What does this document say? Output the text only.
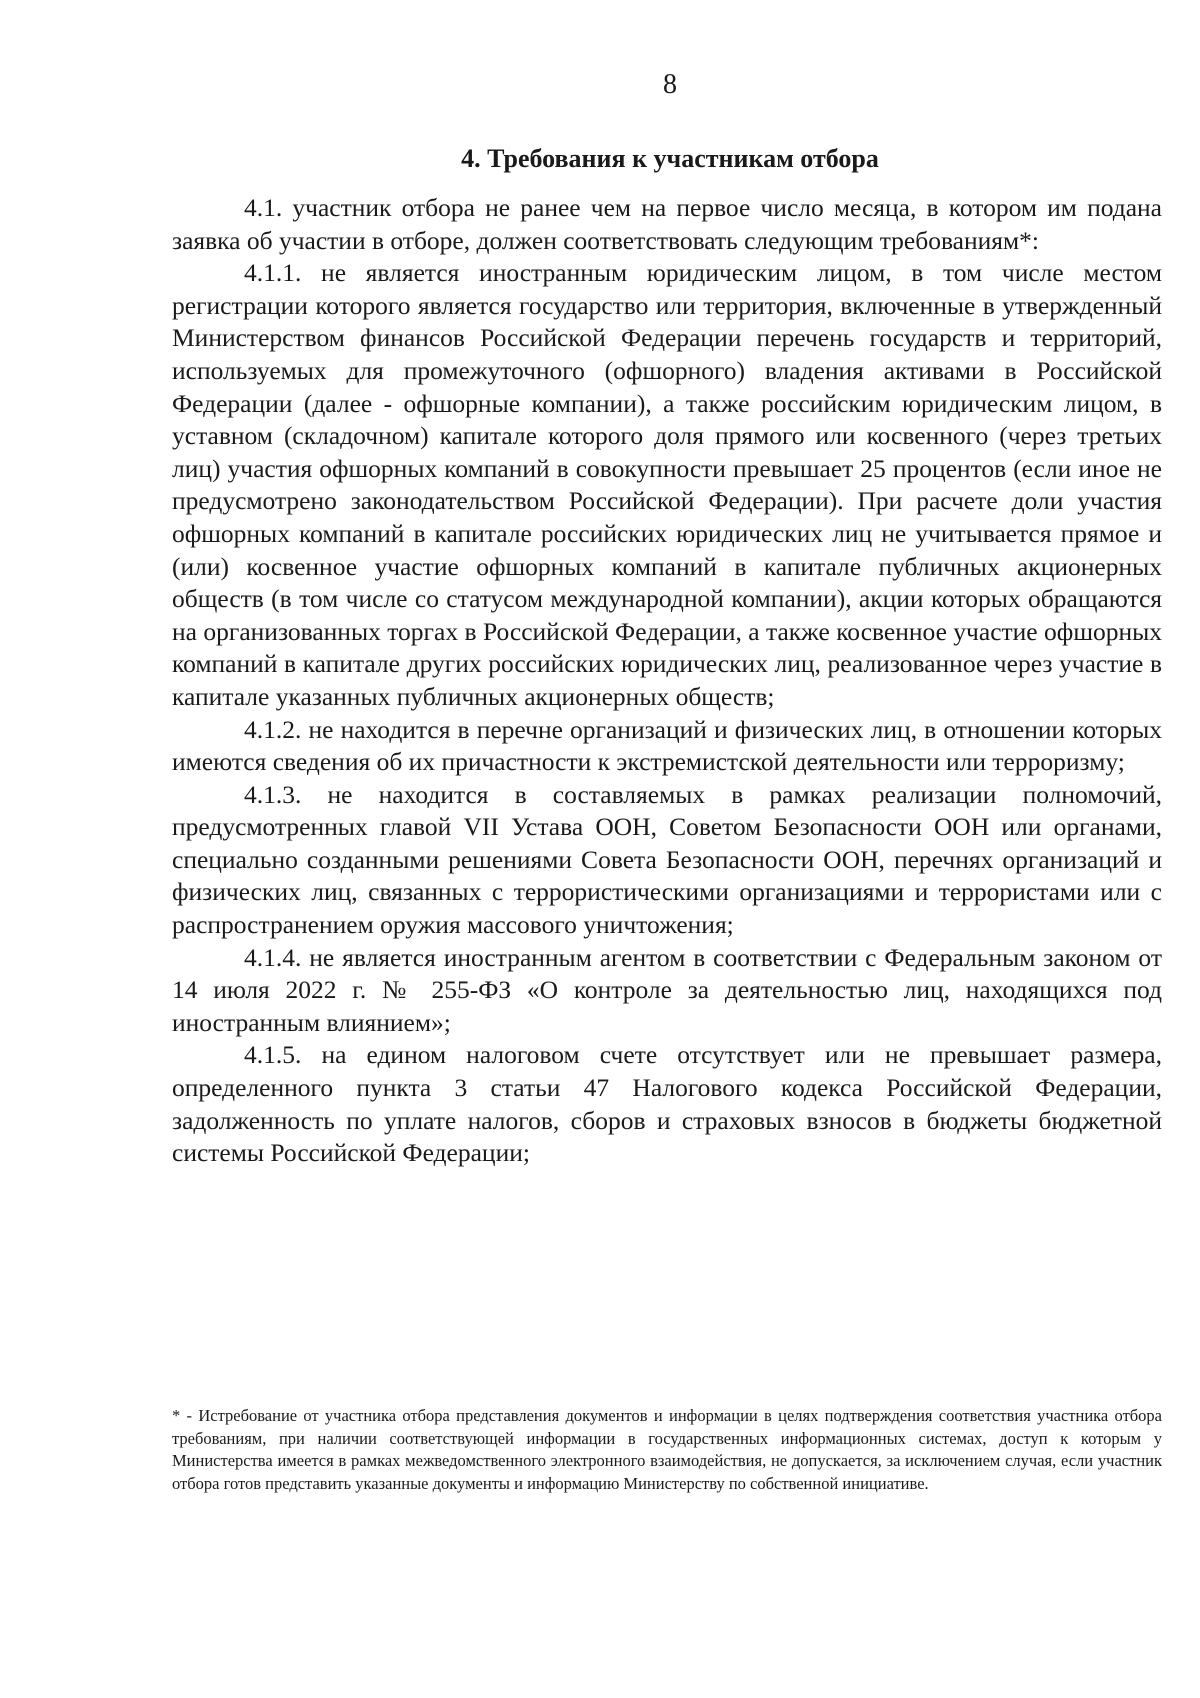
8
4. Требования к участникам отбора

4.1. участник отбора не ранее чем на первое число месяца, в котором им подана заявка об участии в отборе, должен соответствовать следующим требованиям*:

4.1.1. не является иностранным юридическим лицом, в том числе местом регистрации которого является государство или территория, включенные в утвержденный Министерством финансов Российской Федерации перечень государств и территорий, используемых для промежуточного (офшорного) владения активами в Российской Федерации (далее - офшорные компании), а также российским юридическим лицом, в уставном (складочном) капитале которого доля прямого или косвенного (через третьих лиц) участия офшорных компаний в совокупности превышает 25 процентов (если иное не предусмотрено законодательством Российской Федерации). При расчете доли участия офшорных компаний в капитале российских юридических лиц не учитывается прямое и (или) косвенное участие офшорных компаний в капитале публичных акционерных обществ (в том числе со статусом международной компании), акции которых обращаются на организованных торгах в Российской Федерации, а также косвенное участие офшорных компаний в капитале других российских юридических лиц, реализованное через участие в капитале указанных публичных акционерных обществ;

4.1.2. не находится в перечне организаций и физических лиц, в отношении которых имеются сведения об их причастности к экстремистской деятельности или терроризму;

4.1.3. не находится в составляемых в рамках реализации полномочий, предусмотренных главой VII Устава ООН, Советом Безопасности ООН или органами, специально созданными решениями Совета Безопасности ООН, перечнях организаций и физических лиц, связанных с террористическими организациями и террористами или с распространением оружия массового уничтожения;

4.1.4. не является иностранным агентом в соответствии с Федеральным законом от 14 июля 2022 г. № 255-ФЗ «О контроле за деятельностью лиц, находящихся под иностранным влиянием»;

4.1.5. на едином налоговом счете отсутствует или не превышает размера, определенного пункта 3 статьи 47 Налогового кодекса Российской Федерации, задолженность по уплате налогов, сборов и страховых взносов в бюджеты бюджетной системы Российской Федерации;

* - Истребование от участника отбора представления документов и информации в целях подтверждения соответствия участника отбора требованиям, при наличии соответствующей информации в государственных информационных системах, доступ к которым у Министерства имеется в рамках межведомственного электронного взаимодействия, не допускается, за исключением случая, если участник отбора готов представить указанные документы и информацию Министерству по собственной инициативе.
